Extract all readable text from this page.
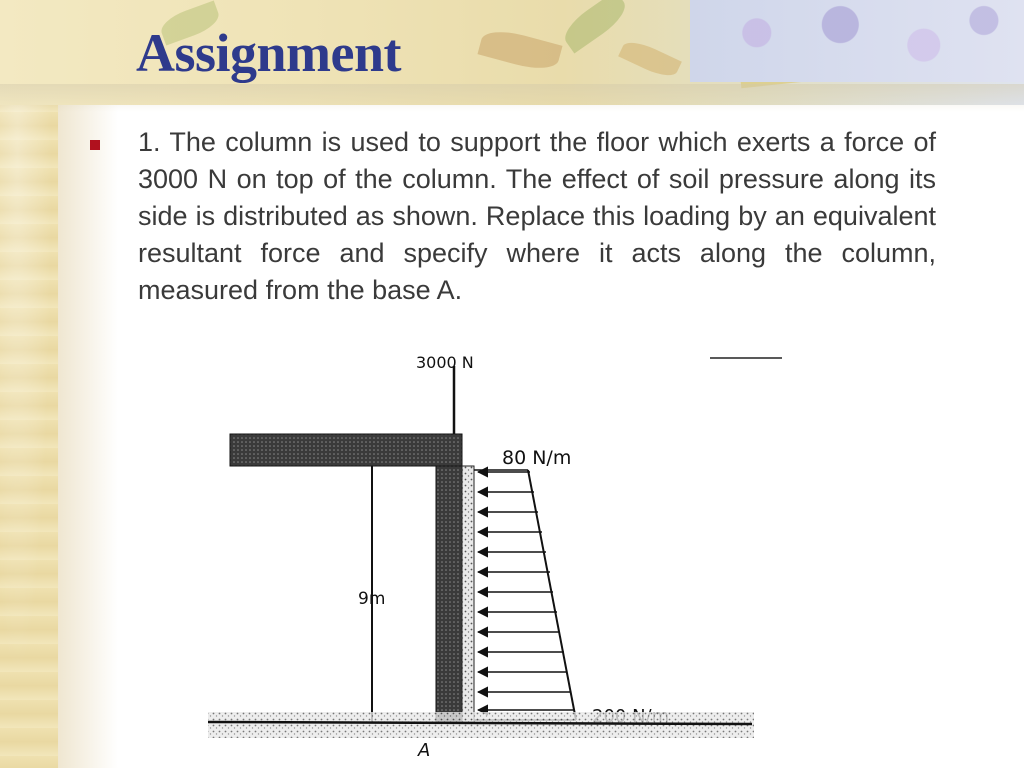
Assignment

1. The column is used to support the floor which exerts a force of 3000 N on top of the column. The effect of soil pressure along its side is distributed as shown. Replace this loading by an equivalent resultant force and specify where it acts along the column, measured from the base A.

3000 N
9m
80 N/m
A
